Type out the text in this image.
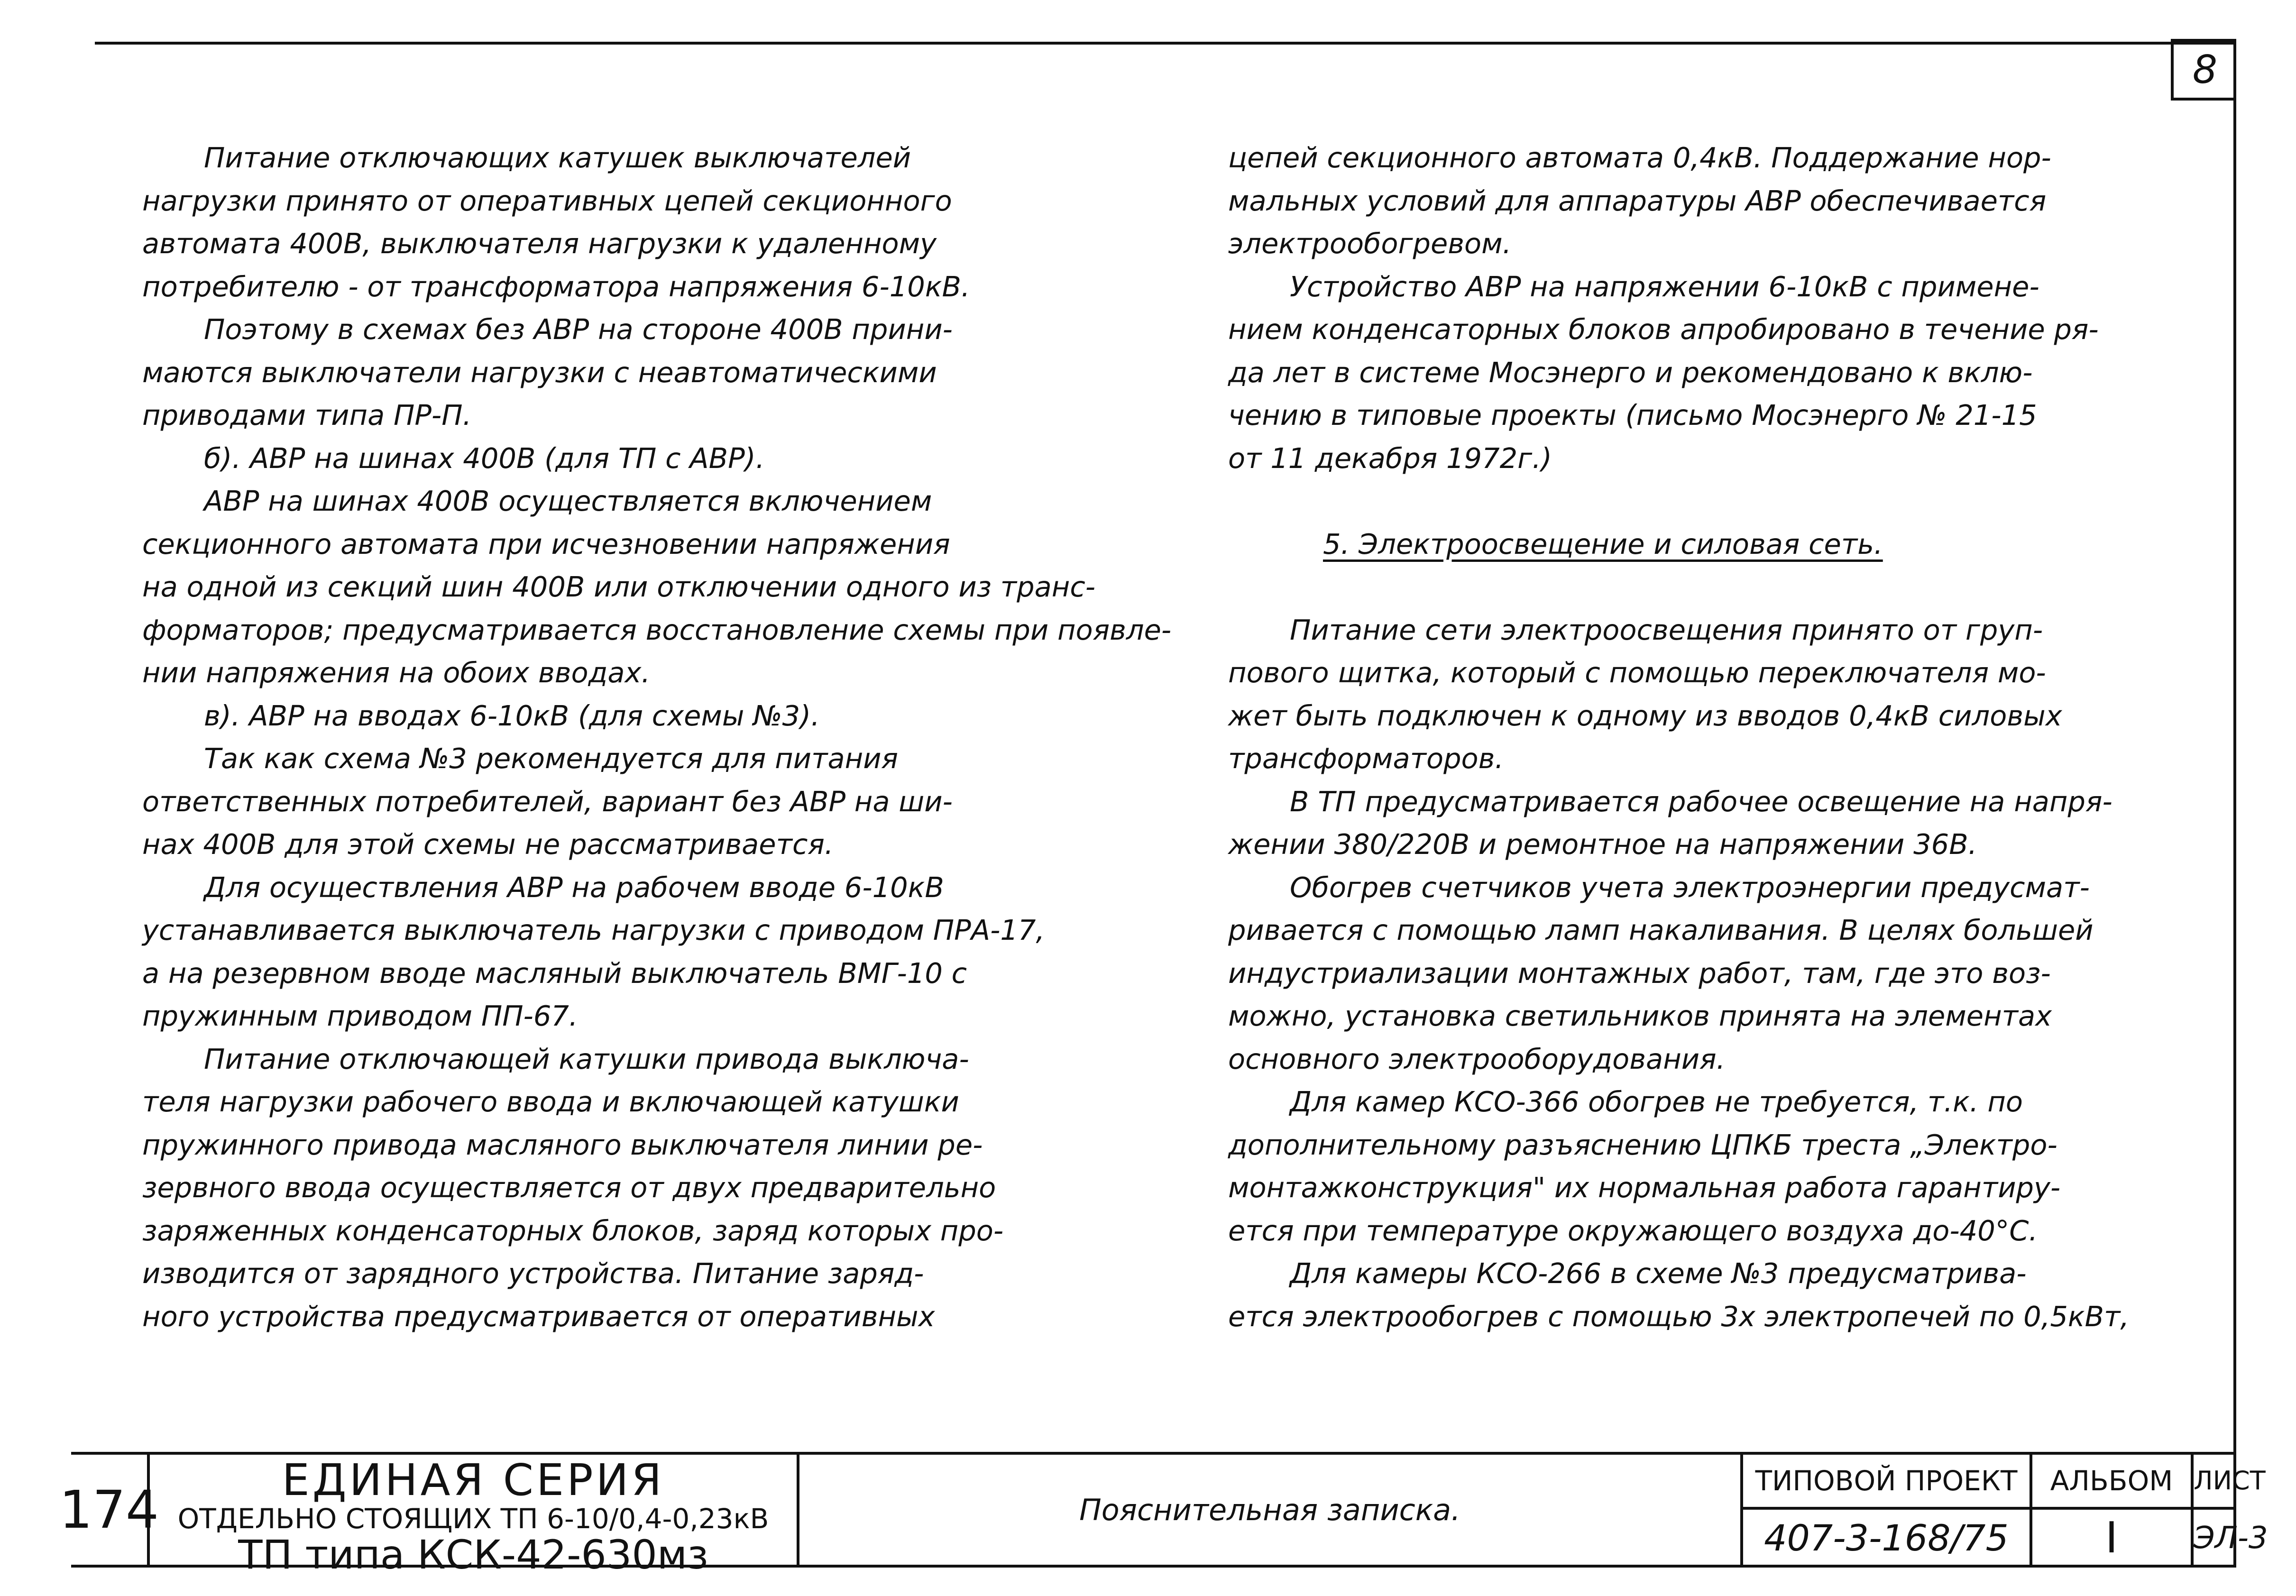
8
Питание отключающих катушек выключателей
нагрузки принято от оперативных цепей секционного
автомата 400В, выключателя нагрузки к удаленному
потребителю - от трансформатора напряжения 6-10кВ.
Поэтому в схемах без АВР на стороне 400В прини-
маются выключатели нагрузки с неавтоматическими
приводами типа ПР-П.
б). АВР на шинах 400В (для ТП с АВР).
АВР на шинах 400В осуществляется включением
секционного автомата при исчезновении напряжения
на одной из секций шин 400В или отключении одного из транс-
форматоров; предусматривается восстановление схемы при появле-
нии напряжения на обоих вводах.
в). АВР на вводах 6-10кВ (для схемы №3).
Так как схема №3 рекомендуется для питания
ответственных потребителей, вариант без АВР на ши-
нах 400В для этой схемы не рассматривается.
Для осуществления АВР на рабочем вводе 6-10кВ
устанавливается выключатель нагрузки с приводом ПРА-17,
а на резервном вводе масляный выключатель ВМГ-10 с
пружинным приводом ПП-67.
Питание отключающей катушки привода выключа-
теля нагрузки рабочего ввода и включающей катушки
пружинного привода масляного выключателя линии ре-
зервного ввода осуществляется от двух предварительно
заряженных конденсаторных блоков, заряд которых про-
изводится от зарядного устройства. Питание заряд-
ного устройства предусматривается от оперативных
цепей секционного автомата 0,4кВ. Поддержание нор-
мальных условий для аппаратуры АВР обеспечивается
электрообогревом.
Устройство АВР на напряжении 6-10кВ с примене-
нием конденсаторных блоков апробировано в течение ря-
да лет в системе Мосэнерго и рекомендовано к вклю-
чению в типовые проекты (письмо Мосэнерго № 21-15
от 11 декабря 1972г.)
5. Электроосвещение и силовая сеть.
Питание сети электроосвещения принято от груп-
пового щитка, который с помощью переключателя мо-
жет быть подключен к одному из вводов 0,4кВ силовых
трансформаторов.
В ТП предусматривается рабочее освещение на напря-
жении 380/220В и ремонтное на напряжении 36В.
Обогрев счетчиков учета электроэнергии предусмат-
ривается с помощью ламп накаливания. В целях большей
индустриализации монтажных работ, там, где это воз-
можно, установка светильников принята на элементах
основного электрооборудования.
Для камер КСО-366 обогрев не требуется, т.к. по
дополнительному разъяснению ЦПКБ треста „Электро-
монтажконструкция" их нормальная работа гарантиру-
ется при температуре окружающего воздуха до-40°С.
Для камеры КСО-266 в схеме №3 предусматрива-
ется электрообогрев с помощью 3х электропечей по 0,5кВт,
174	ЕДИНАЯ СЕРИЯ
ОТДЕЛЬНО СТОЯЩИХ ТП 6-10/0,4-0,23кВ
ТП типа КСК-42-630мз
Пояснительная записка.
ТИПОВОЙ ПРОЕКТ
407-3-168/75
АЛЬБОМ
I
ЛИСТ
ЭЛ-3
